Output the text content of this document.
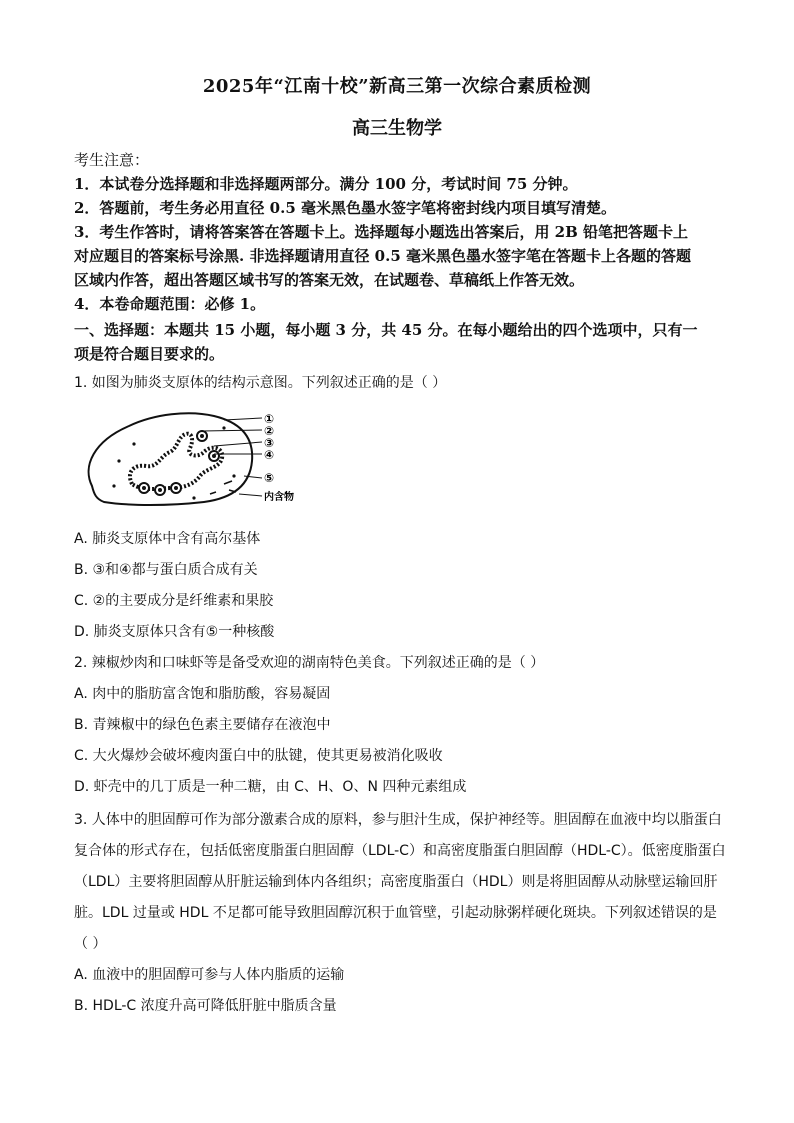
2025年“江南十校”新高三第一次综合素质检测
高三生物学
考生注意：
1．本试卷分选择题和非选择题两部分。满分 100 分，考试时间 75 分钟。
2．答题前，考生务必用直径 0.5 毫米黑色墨水签字笔将密封线内项目填写清楚。
3．考生作答时，请将答案答在答题卡上。选择题每小题选出答案后，用 2B 铅笔把答题卡上
对应题目的答案标号涂黑. 非选择题请用直径 0.5 毫米黑色墨水签字笔在答题卡上各题的答题
区域内作答，超出答题区域书写的答案无效，在试题卷、草稿纸上作答无效。
4．本卷命题范围：必修 1。
一、选择题：本题共 15 小题，每小题 3 分，共 45 分。在每小题给出的四个选项中，只有一
项是符合题目要求的。
1. 如图为肺炎支原体的结构示意图。下列叙述正确的是（ ）
①
②
③
④
⑤
内含物
A. 肺炎支原体中含有高尔基体
B. ③和④都与蛋白质合成有关
C. ②的主要成分是纤维素和果胶
D. 肺炎支原体只含有⑤一种核酸
2. 辣椒炒肉和口味虾等是备受欢迎的湖南特色美食。下列叙述正确的是（ ）
A. 肉中的脂肪富含饱和脂肪酸，容易凝固
B. 青辣椒中的绿色色素主要储存在液泡中
C. 大火爆炒会破坏瘦肉蛋白中的肽键，使其更易被消化吸收
D. 虾壳中的几丁质是一种二糖，由 C、H、O、N 四种元素组成
3. 人体中的胆固醇可作为部分激素合成的原料，参与胆汁生成，保护神经等。胆固醇在血液中均以脂蛋白
复合体的形式存在，包括低密度脂蛋白胆固醇（LDL-C）和高密度脂蛋白胆固醇（HDL-C）。低密度脂蛋白
（LDL）主要将胆固醇从肝脏运输到体内各组织；高密度脂蛋白（HDL）则是将胆固醇从动脉壁运输回肝
脏。LDL 过量或 HDL 不足都可能导致胆固醇沉积于血管壁，引起动脉粥样硬化斑块。下列叙述错误的是
（ ）
A. 血液中的胆固醇可参与人体内脂质的运输
B. HDL-C 浓度升高可降低肝脏中脂质含量
